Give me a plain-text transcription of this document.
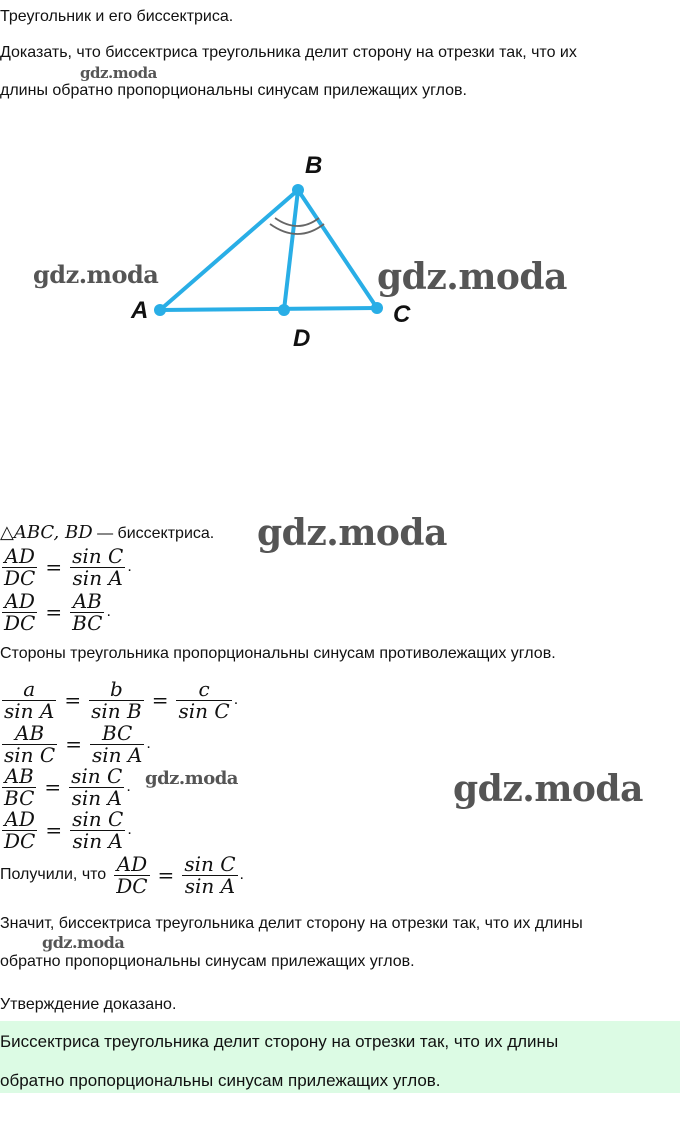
Треугольник и его биссектриса.
Доказать, что биссектриса треугольника делит сторону на отрезки так, что их
длины обратно пропорциональны синусам прилежащих углов.
gdz.moda
B
A
D
C
gdz.moda	gdz.moda
△ABC, BD — биссектриса. gdz.moda
$\frac{AD}{DC} = \frac{\text{sin C}}{\text{sin A}}$ .
$\frac{AD}{DC} = \frac{AB}{BC}$ .
Стороны треугольника пропорциональны синусам противолежащих углов.
$\frac{a}{\text{sin A}} = \frac{b}{\text{sin B}} = \frac{c}{\text{sin C}}$ .
$\frac{AB}{\text{sin C}} = \frac{BC}{\text{sin A}}$ .
$\frac{AB}{BC} = \frac{\text{sin C}}{\text{sin A}}$ . gdz.moda	gdz.moda
$\frac{AD}{DC} = \frac{\text{sin C}}{\text{sin A}}$ .
Получили, что $\frac{AD}{DC} = \frac{\text{sin C}}{\text{sin A}}$ .
Значит, биссектриса треугольника делит сторону на отрезки так, что их длины
gdz.moda
обратно пропорциональны синусам прилежащих углов.
Утверждение доказано.
Биссектриса треугольника делит сторону на отрезки так, что их длины
обратно пропорциональны синусам прилежащих углов.
